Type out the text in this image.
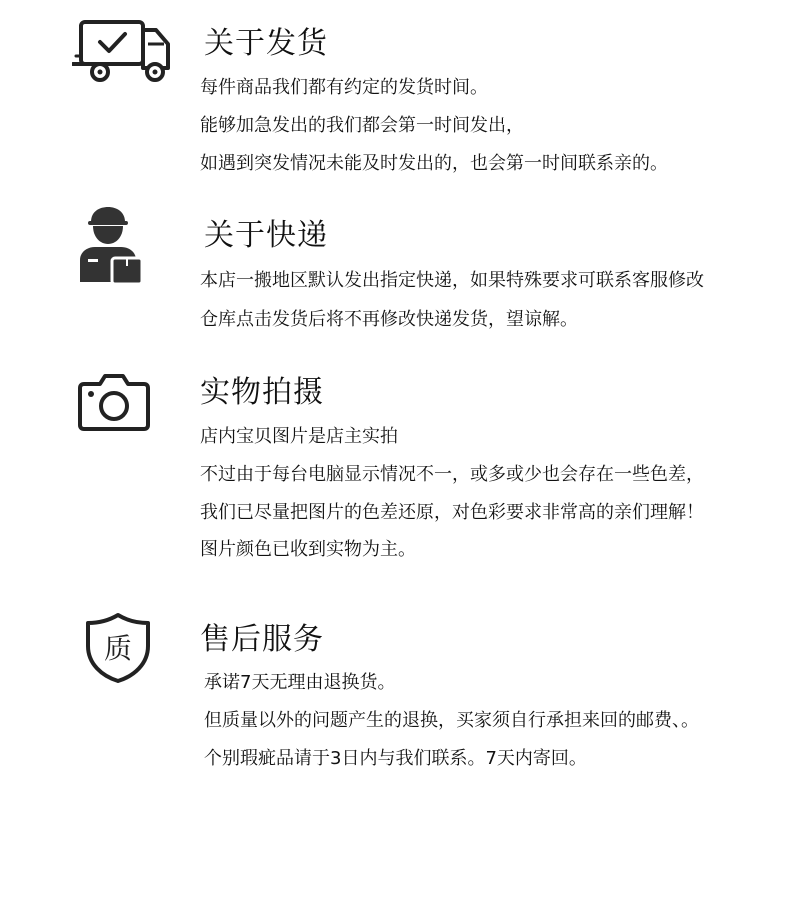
关于发货
每件商品我们都有约定的发货时间。
能够加急发出的我们都会第一时间发出，
如遇到突发情况未能及时发出的，也会第一时间联系亲的。
关于快递
本店一搬地区默认发出指定快递，如果特殊要求可联系客服修改
仓库点击发货后将不再修改快递发货，望谅解。
实物拍摄
店内宝贝图片是店主实拍
不过由于每台电脑显示情况不一，或多或少也会存在一些色差，
我们已尽量把图片的色差还原，对色彩要求非常高的亲们理解！
图片颜色已收到实物为主。
质 售后服务
承诺7天无理由退换货。
但质量以外的问题产生的退换，买家须自行承担来回的邮费、。
个别瑕疵品请于3日内与我们联系。7天内寄回。
